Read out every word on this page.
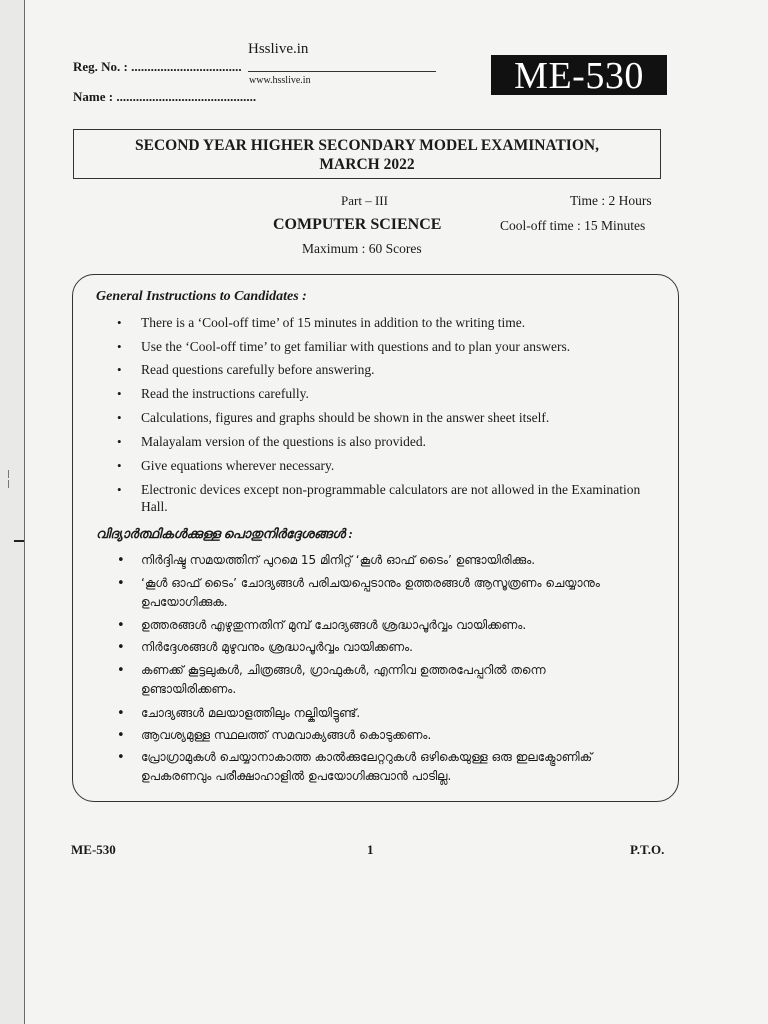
Hsslive.in
www.hsslive.in
Reg. No. : ..................................
Name : ...........................................	ME-530
SECOND YEAR HIGHER SECONDARY MODEL EXAMINATION,
MARCH 2022
Part – III	Time : 2 Hours
COMPUTER SCIENCE	Cool-off time : 15 Minutes
Maximum : 60 Scores
General Instructions to Candidates :
• There is a ‘Cool-off time’ of 15 minutes in addition to the writing time.
• Use the ‘Cool-off time’ to get familiar with questions and to plan your answers.
• Read questions carefully before answering.
• Read the instructions carefully.
• Calculations, figures and graphs should be shown in the answer sheet itself.
• Malayalam version of the questions is also provided.
• Give equations wherever necessary.
• Electronic devices except non-programmable calculators are not allowed in the Examination Hall.
വിദ്യാർത്ഥികൾക്കുള്ള പൊതുനിർദ്ദേശങ്ങൾ :
• നിർദ്ദിഷ്ട സമയത്തിന് പുറമെ 15 മിനിറ്റ് ‘കൂൾ ഓഫ് ടൈം’ ഉണ്ടായിരിക്കും.
• ‘കൂൾ ഓഫ് ടൈം’ ചോദ്യങ്ങൾ പരിചയപ്പെടാനും ഉത്തരങ്ങൾ ആസൂത്രണം ചെയ്യാനും ഉപയോഗിക്കുക.
• ഉത്തരങ്ങൾ എഴുതുന്നതിന് മുമ്പ് ചോദ്യങ്ങൾ ശ്രദ്ധാപൂർവ്വം വായിക്കണം.
• നിർദ്ദേശങ്ങൾ മുഴുവനും ശ്രദ്ധാപൂർവ്വം വായിക്കണം.
• കണക്ക് കൂട്ടലുകൾ, ചിത്രങ്ങൾ, ഗ്രാഫുകൾ, എന്നിവ ഉത്തരപേപ്പറിൽ തന്നെ ഉണ്ടായിരിക്കണം.
• ചോദ്യങ്ങൾ മലയാളത്തിലും നല്കിയിട്ടുണ്ട്.
• ആവശ്യമുള്ള സ്ഥലത്ത് സമവാക്യങ്ങൾ കൊടുക്കണം.
• പ്രോഗ്രാമുകൾ ചെയ്യാനാകാത്ത കാൽക്കുലേറ്ററുകൾ ഒഴികെയുള്ള ഒരു ഇലക്ട്രോണിക് ഉപകരണവും പരീക്ഷാഹാളിൽ ഉപയോഗിക്കുവാൻ പാടില്ല.
ME-530	1	P.T.O.
